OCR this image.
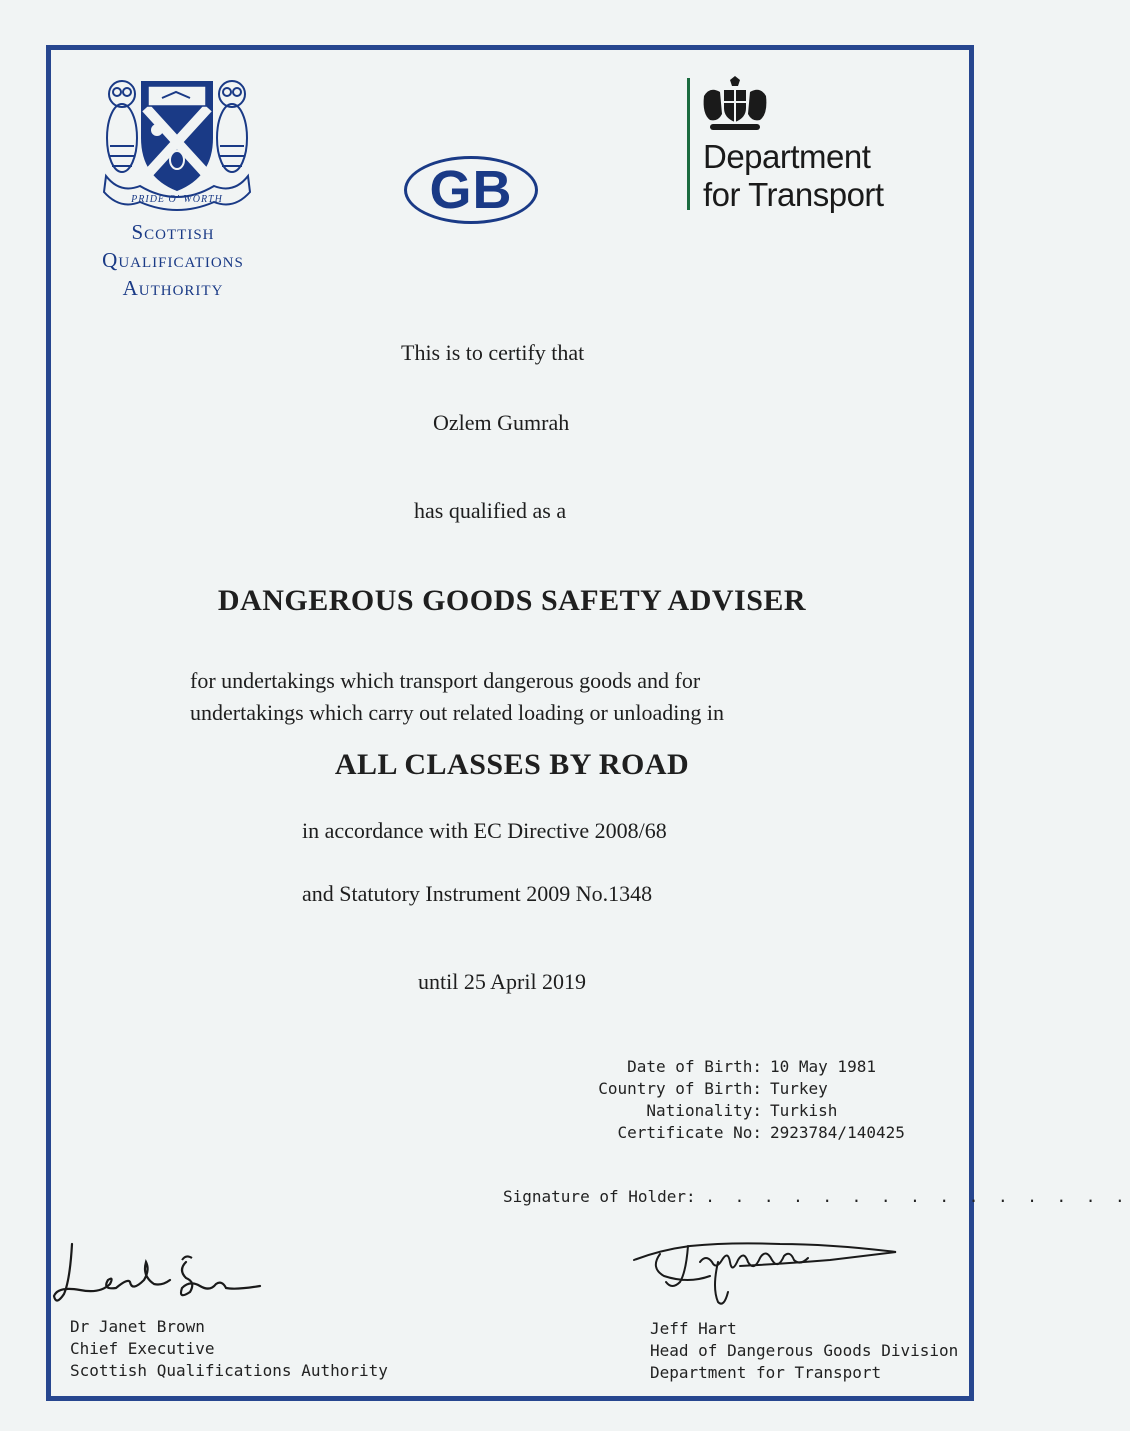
PRIDE O' WORTH
Scottish
Qualifications
Authority
GB
Department
for Transport
This is to certify that
Ozlem Gumrah
has qualified as a
DANGEROUS GOODS SAFETY ADVISER
for undertakings which transport dangerous goods and for
undertakings which carry out related loading or unloading in
ALL CLASSES BY ROAD
in accordance with EC Directive 2008/68
and Statutory Instrument 2009 No.1348
until 25 April 2019
Date of Birth: 10 May 1981
Country of Birth: Turkey
Nationality: Turkish
Certificate No: 2923784/140425
Signature of Holder: . . . . . . . . . . . . . . .
Dr Janet Brown
Chief Executive
Scottish Qualifications Authority
Jeff Hart
Head of Dangerous Goods Division
Department for Transport
